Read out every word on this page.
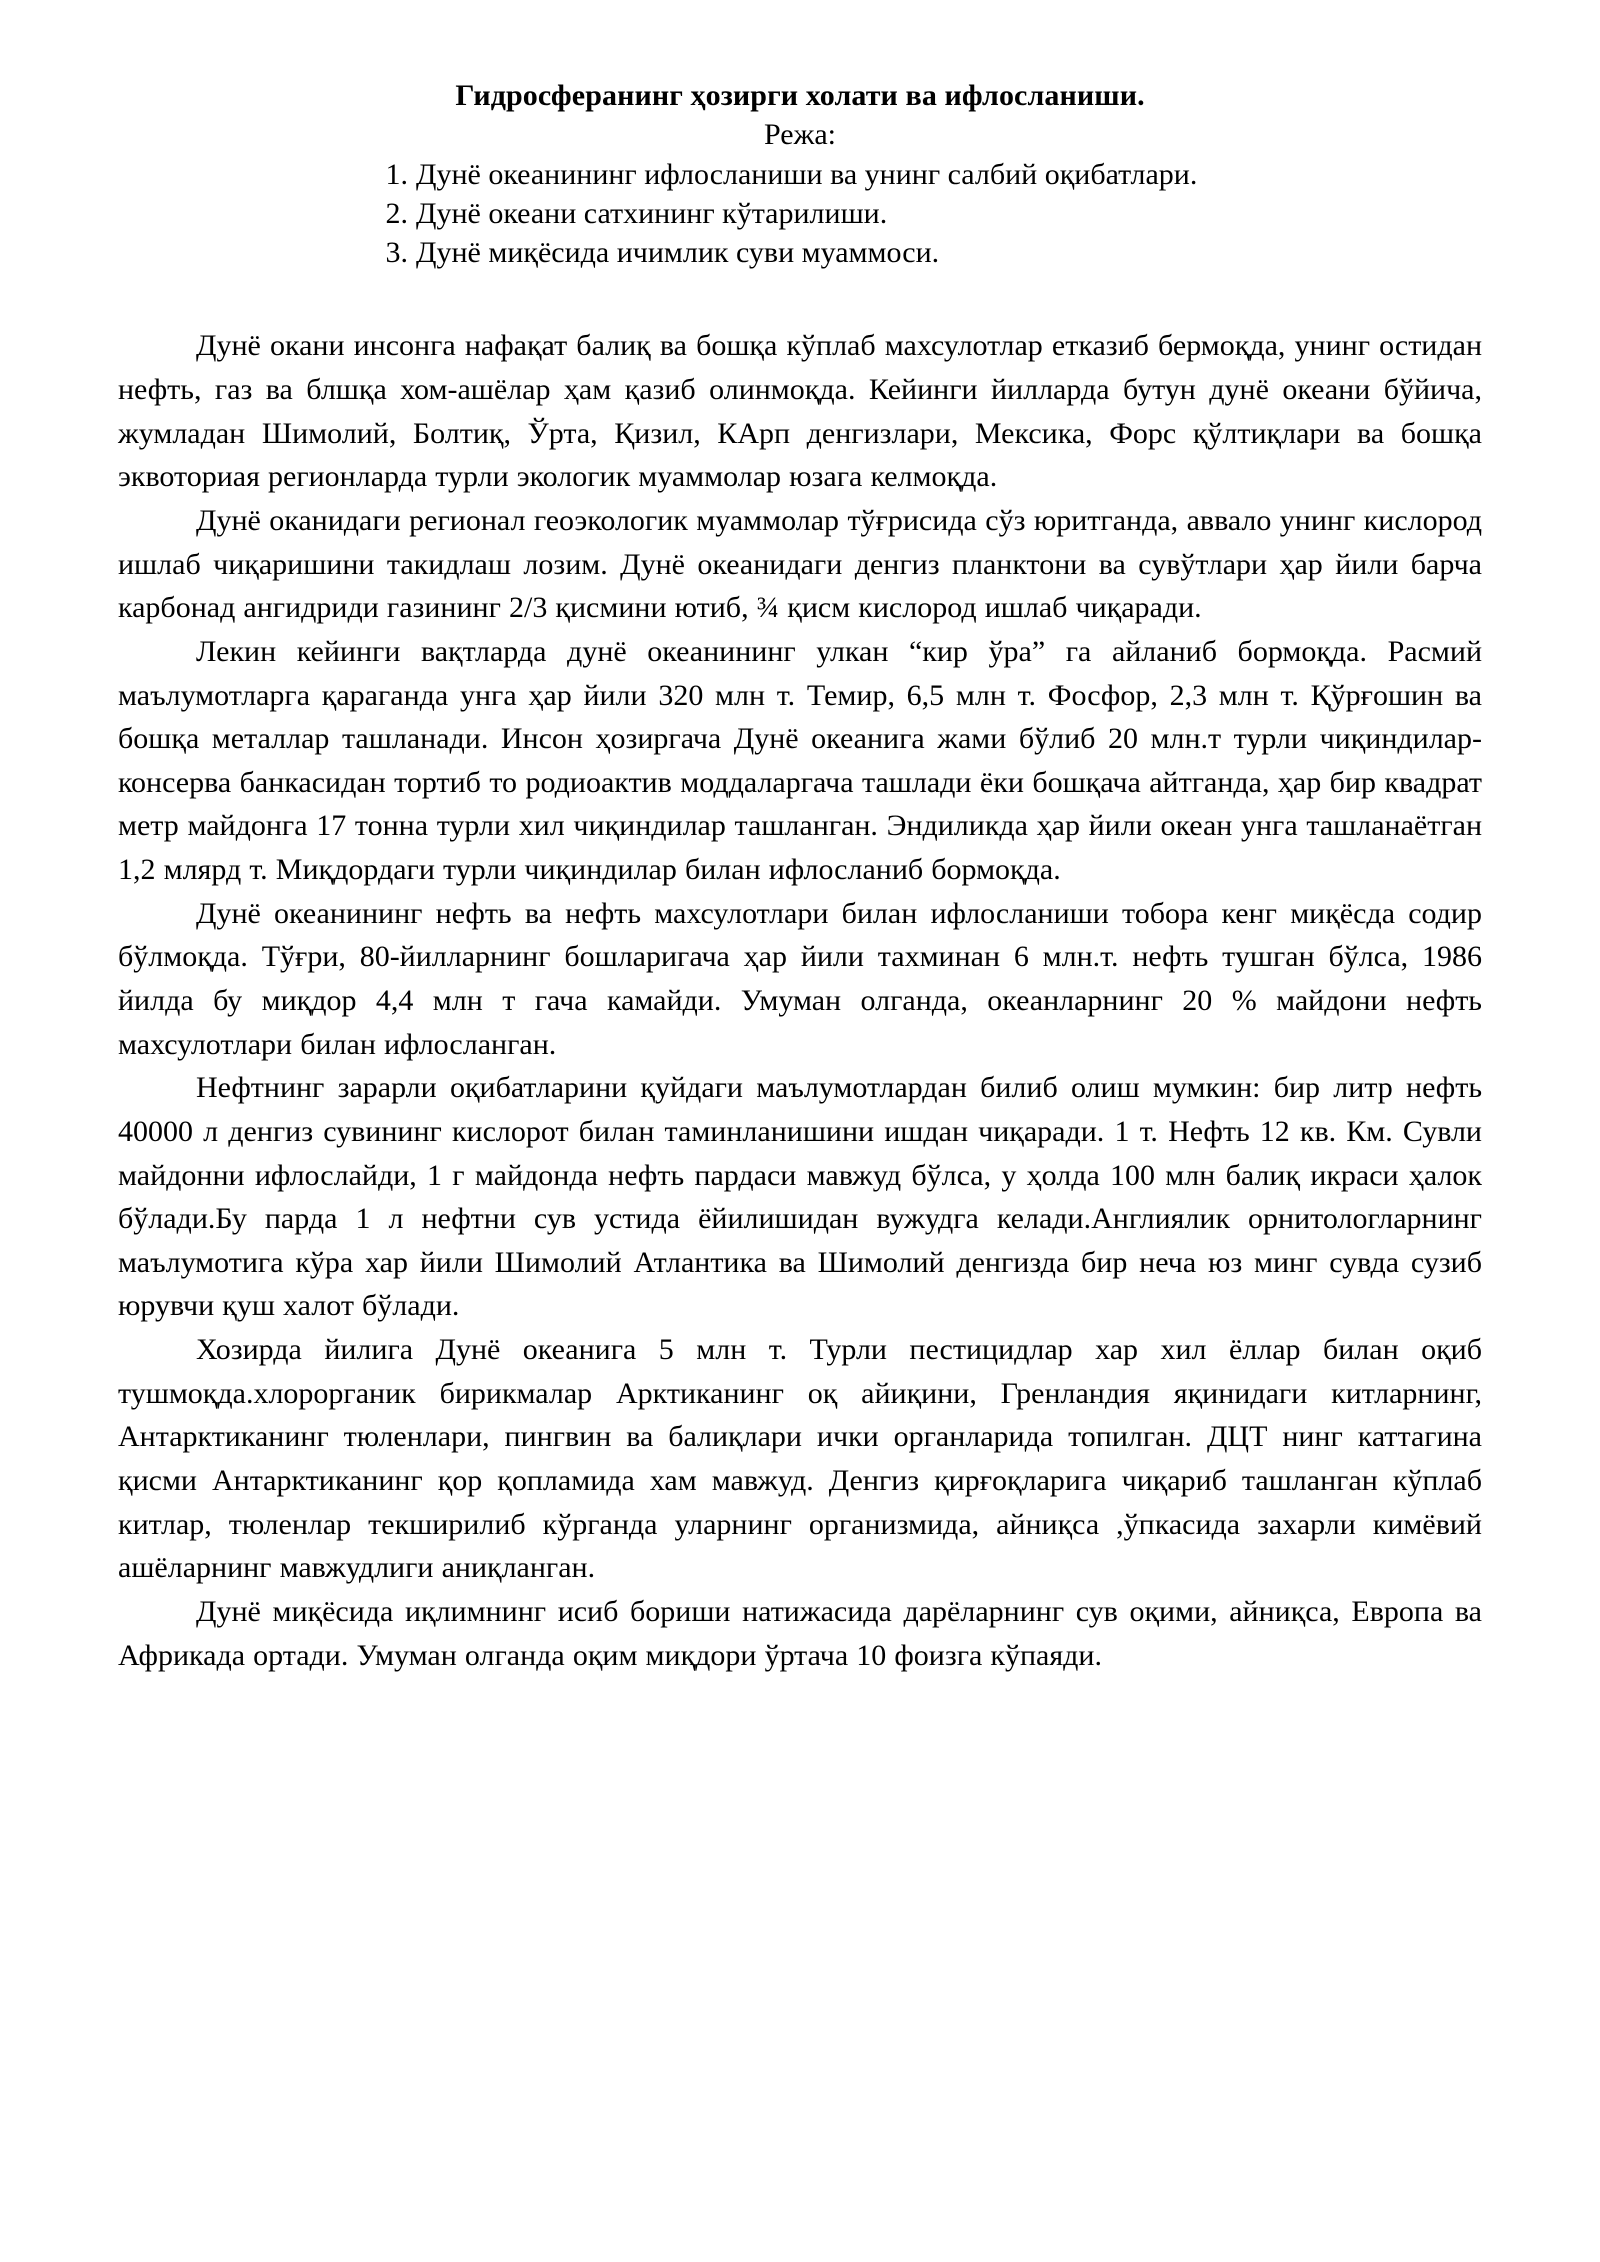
Гидросферанинг ҳозирги холати ва ифлосланиши.
Режа:
Дунё океанининг ифлосланиши ва унинг салбий оқибатлари.
Дунё океани сатхининг кўтарилиши.
Дунё миқёсида ичимлик суви муаммоси.

Дунё окани инсонга нафақат балиқ ва бошқа кўплаб махсулотлар етказиб бермоқда, унинг остидан нефть, газ ва блшқа хом-ашёлар ҳам қазиб олинмоқда. Кейинги йилларда бутун дунё океани бўйича, жумладан Шимолий, Болтиқ, Ўрта, Қизил, КАрп денгизлари, Мексика, Форс қўлтиқлари ва бошқа эквоториая регионларда турли экологик муаммолар юзага келмоқда.

Дунё оканидаги регионал геоэкологик муаммолар тўғрисида сўз юритганда, аввало унинг кислород ишлаб чиқаришини такидлаш лозим. Дунё океанидаги денгиз планктони ва сувўтлари ҳар йили барча карбонад ангидриди газининг 2/3 қисмини ютиб, ¾ қисм кислород ишлаб чиқаради.

Лекин кейинги вақтларда дунё океанининг улкан “кир ўра” га айланиб бормоқда. Расмий маълумотларга қараганда унга ҳар йили 320 млн т. Темир, 6,5 млн т. Фосфор, 2,3 млн т. Қўрғошин ва бошқа металлар ташланади. Инсон ҳозиргача Дунё океанига жами бўлиб 20 млн.т турли чиқиндилар- консерва банкасидан тортиб то родиоактив моддаларгача ташлади ёки бошқача айтганда, ҳар бир квадрат метр майдонга 17 тонна турли хил чиқиндилар ташланган. Эндиликда ҳар йили океан унга ташланаётган 1,2 млярд т. Миқдордаги турли чиқиндилар билан ифлосланиб бормоқда.

Дунё океанининг нефть ва нефть махсулотлари билан ифлосланиши тобора кенг миқёсда содир бўлмоқда. Тўғри, 80-йилларнинг бошларигача ҳар йили тахминан 6 млн.т. нефть тушган бўлса, 1986 йилда бу миқдор 4,4 млн т гача камайди. Умуман олганда, океанларнинг 20 % майдони нефть махсулотлари билан ифлосланган.

Нефтнинг зарарли оқибатларини қуйдаги маълумотлардан билиб олиш мумкин: бир литр нефть 40000 л денгиз сувининг кислорот билан таминланишини ишдан чиқаради. 1 т. Нефть 12 кв. Км. Сувли майдонни ифлослайди, 1 г майдонда нефть пардаси мавжуд бўлса, у ҳолда 100 млн балиқ икраси ҳалок бўлади.Бу парда 1 л нефтни сув устида ёйилишидан вужудга келади.Англиялик орнитологларнинг маълумотига кўра хар йили Шимолий Атлантика ва Шимолий денгизда бир неча юз минг сувда сузиб юрувчи қуш халот бўлади.

Хозирда йилига Дунё океанига 5 млн т. Турли пестицидлар хар хил ёллар билан оқиб тушмоқда.хлорорганик бирикмалар Арктиканинг оқ айиқини, Гренландия яқинидаги китларнинг, Антарктиканинг тюленлари, пингвин ва балиқлари ички органларида топилган. ДЦТ нинг каттагина қисми Антарктиканинг қор қопламида хам мавжуд. Денгиз қирғоқларига чиқариб ташланган кўплаб китлар, тюленлар текширилиб кўрганда уларнинг организмида, айниқса ,ўпкасида захарли кимёвий ашёларнинг мавжудлиги аниқланган.

Дунё миқёсида иқлимнинг исиб бориши натижасида дарёларнинг сув оқими, айниқса, Европа ва Африкада ортади. Умуман олганда оқим миқдори ўртача 10 фоизга кўпаяди.
